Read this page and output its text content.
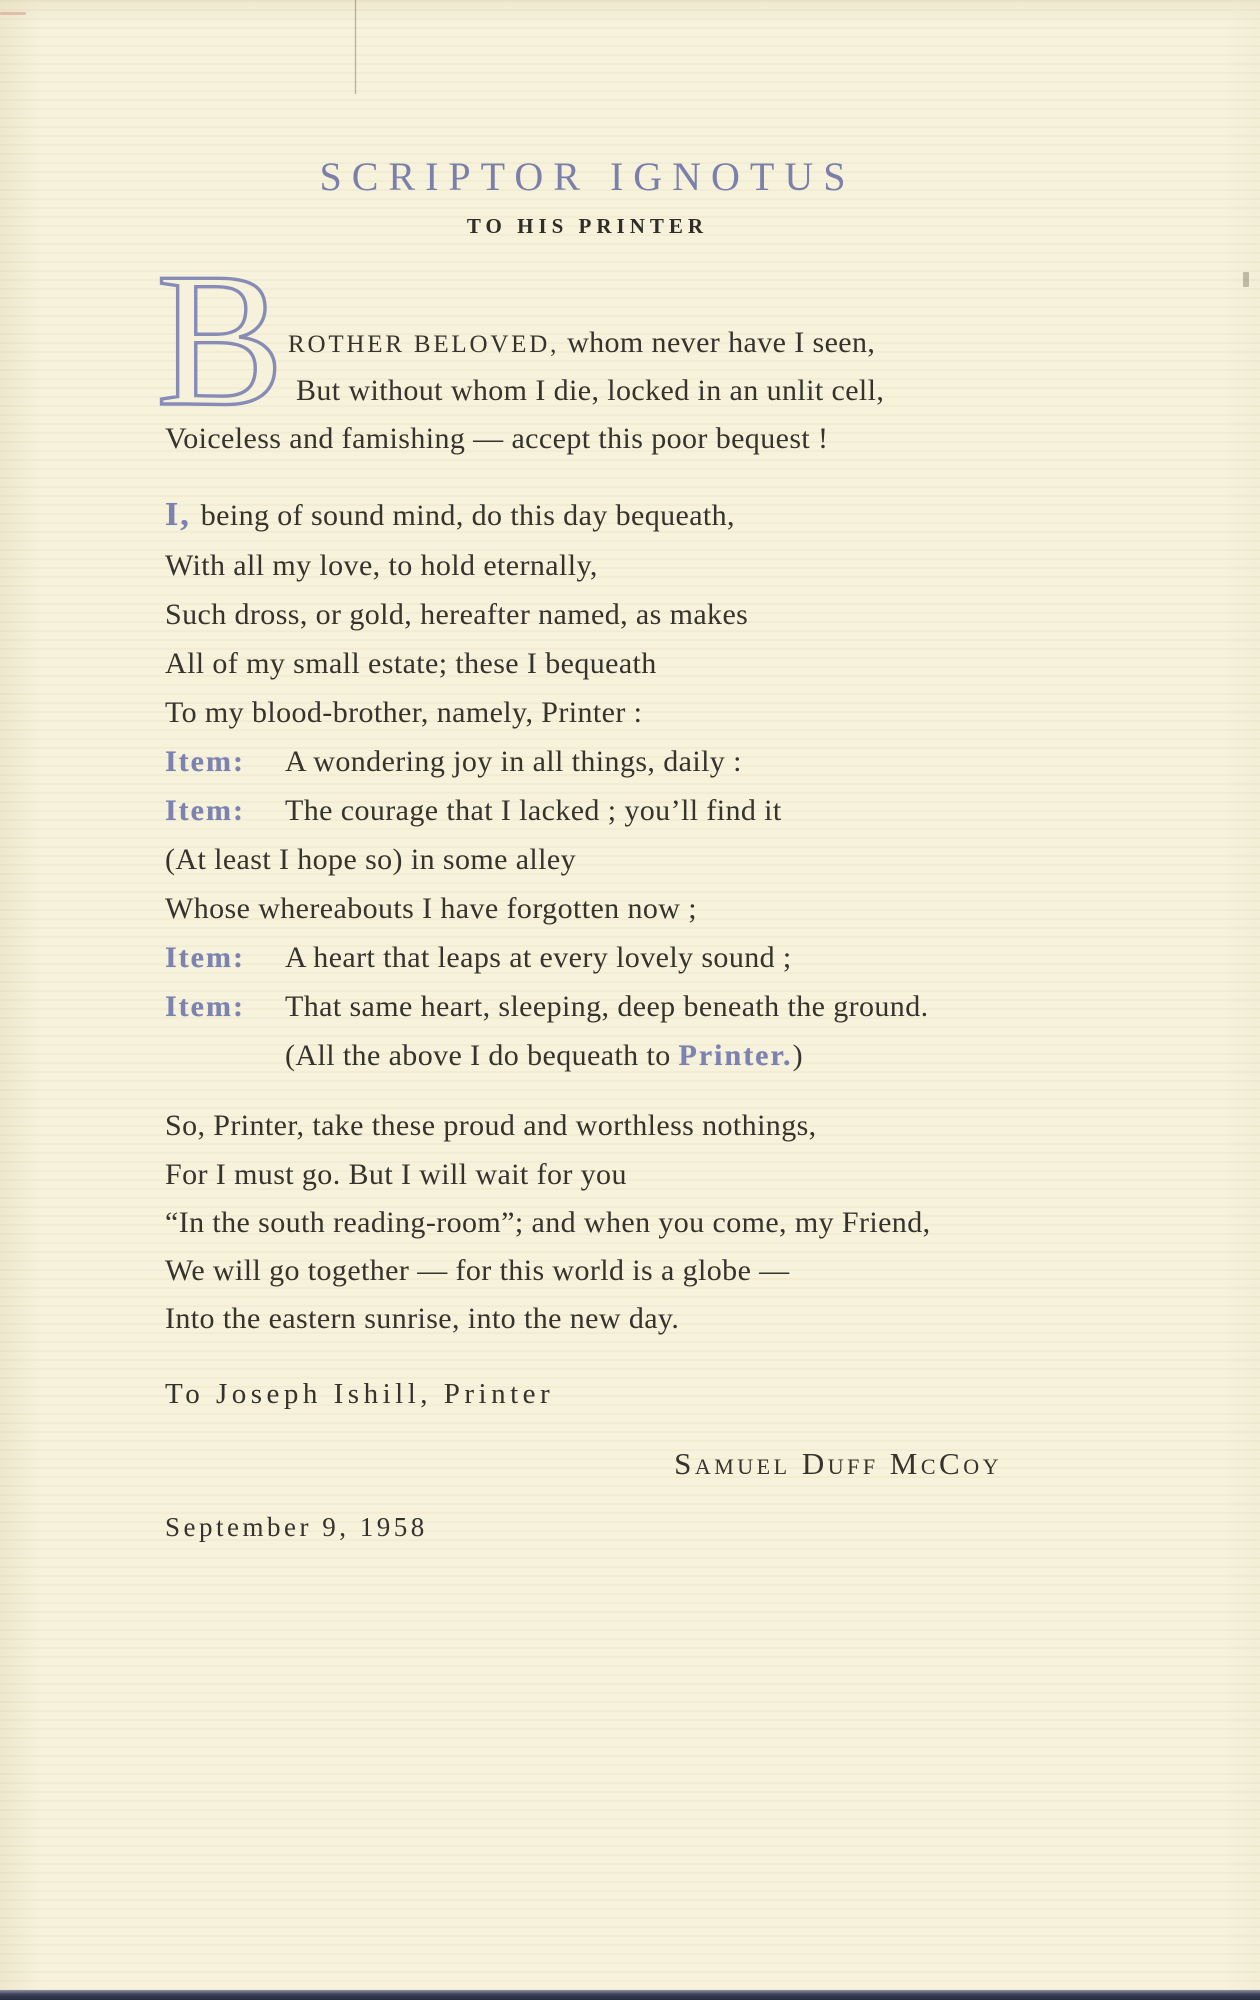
SCRIPTOR IGNOTUS
TO HIS PRINTER
B ROTHER BELOVED, whom never have I seen,
But without whom I die, locked in an unlit cell,
Voiceless and famishing — accept this poor bequest !
I, being of sound mind, do this day bequeath,
With all my love, to hold eternally,
Such dross, or gold, hereafter named, as makes
All of my small estate; these I bequeath
To my blood-brother, namely, Printer :
Item: A wondering joy in all things, daily :
Item: The courage that I lacked ; you’ll find it
(At least I hope so) in some alley
Whose whereabouts I have forgotten now ;
Item: A heart that leaps at every lovely sound ;
Item: That same heart, sleeping, deep beneath the ground.
(All the above I do bequeath to Printer.)
So, Printer, take these proud and worthless nothings,
For I must go. But I will wait for you
“In the south reading-room”; and when you come, my Friend,
We will go together — for this world is a globe —
Into the eastern sunrise, into the new day.
To Joseph Ishill, Printer
Samuel Duff McCoy
September 9, 1958
